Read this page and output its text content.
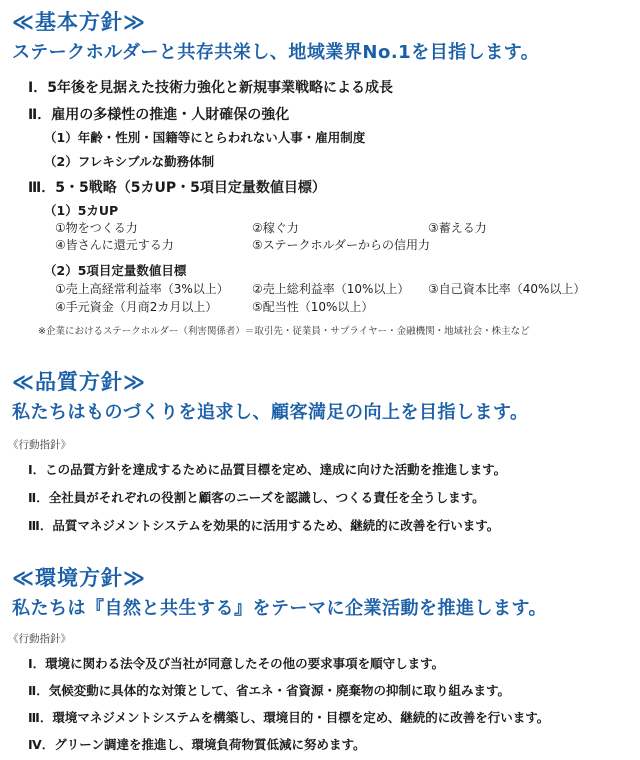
≪基本方針≫
ステークホルダーと共存共栄し、地域業界No.1を目指します。
Ⅰ．5年後を見据えた技術力強化と新規事業戦略による成長
Ⅱ．雇用の多様性の推進・人財確保の強化
（1）年齢・性別・国籍等にとらわれない人事・雇用制度
（2）フレキシブルな勤務体制
Ⅲ．5・5戦略（5カUP・5項目定量数値目標）
（1）5カUP
①物をつくる力	②稼ぐ力	③蓄える力
④皆さんに還元する力	⑤ステークホルダーからの信用力
（2）5項目定量数値目標
①売上高経常利益率（3%以上） ②売上総利益率（10%以上） ③自己資本比率（40%以上）
④手元資金（月商2カ月以上）	⑤配当性（10%以上）
※企業におけるステークホルダー（利害関係者）＝取引先・従業員・サプライヤー・金融機関・地域社会・株主など
≪品質方針≫
私たちはものづくりを追求し、顧客満足の向上を目指します。
《行動指針》
Ⅰ．この品質方針を達成するために品質目標を定め、達成に向けた活動を推進します。
Ⅱ．全社員がそれぞれの役割と顧客のニーズを認識し、つくる責任を全うします。
Ⅲ．品質マネジメントシステムを効果的に活用するため、継続的に改善を行います。
≪環境方針≫
私たちは『自然と共生する』をテーマに企業活動を推進します。
《行動指針》
Ⅰ．環境に関わる法令及び当社が同意したその他の要求事項を順守します。
Ⅱ．気候変動に具体的な対策として、省エネ・省資源・廃棄物の抑制に取り組みます。
Ⅲ．環境マネジメントシステムを構築し、環境目的・目標を定め、継続的に改善を行います。
Ⅳ．グリーン調達を推進し、環境負荷物質低減に努めます。
